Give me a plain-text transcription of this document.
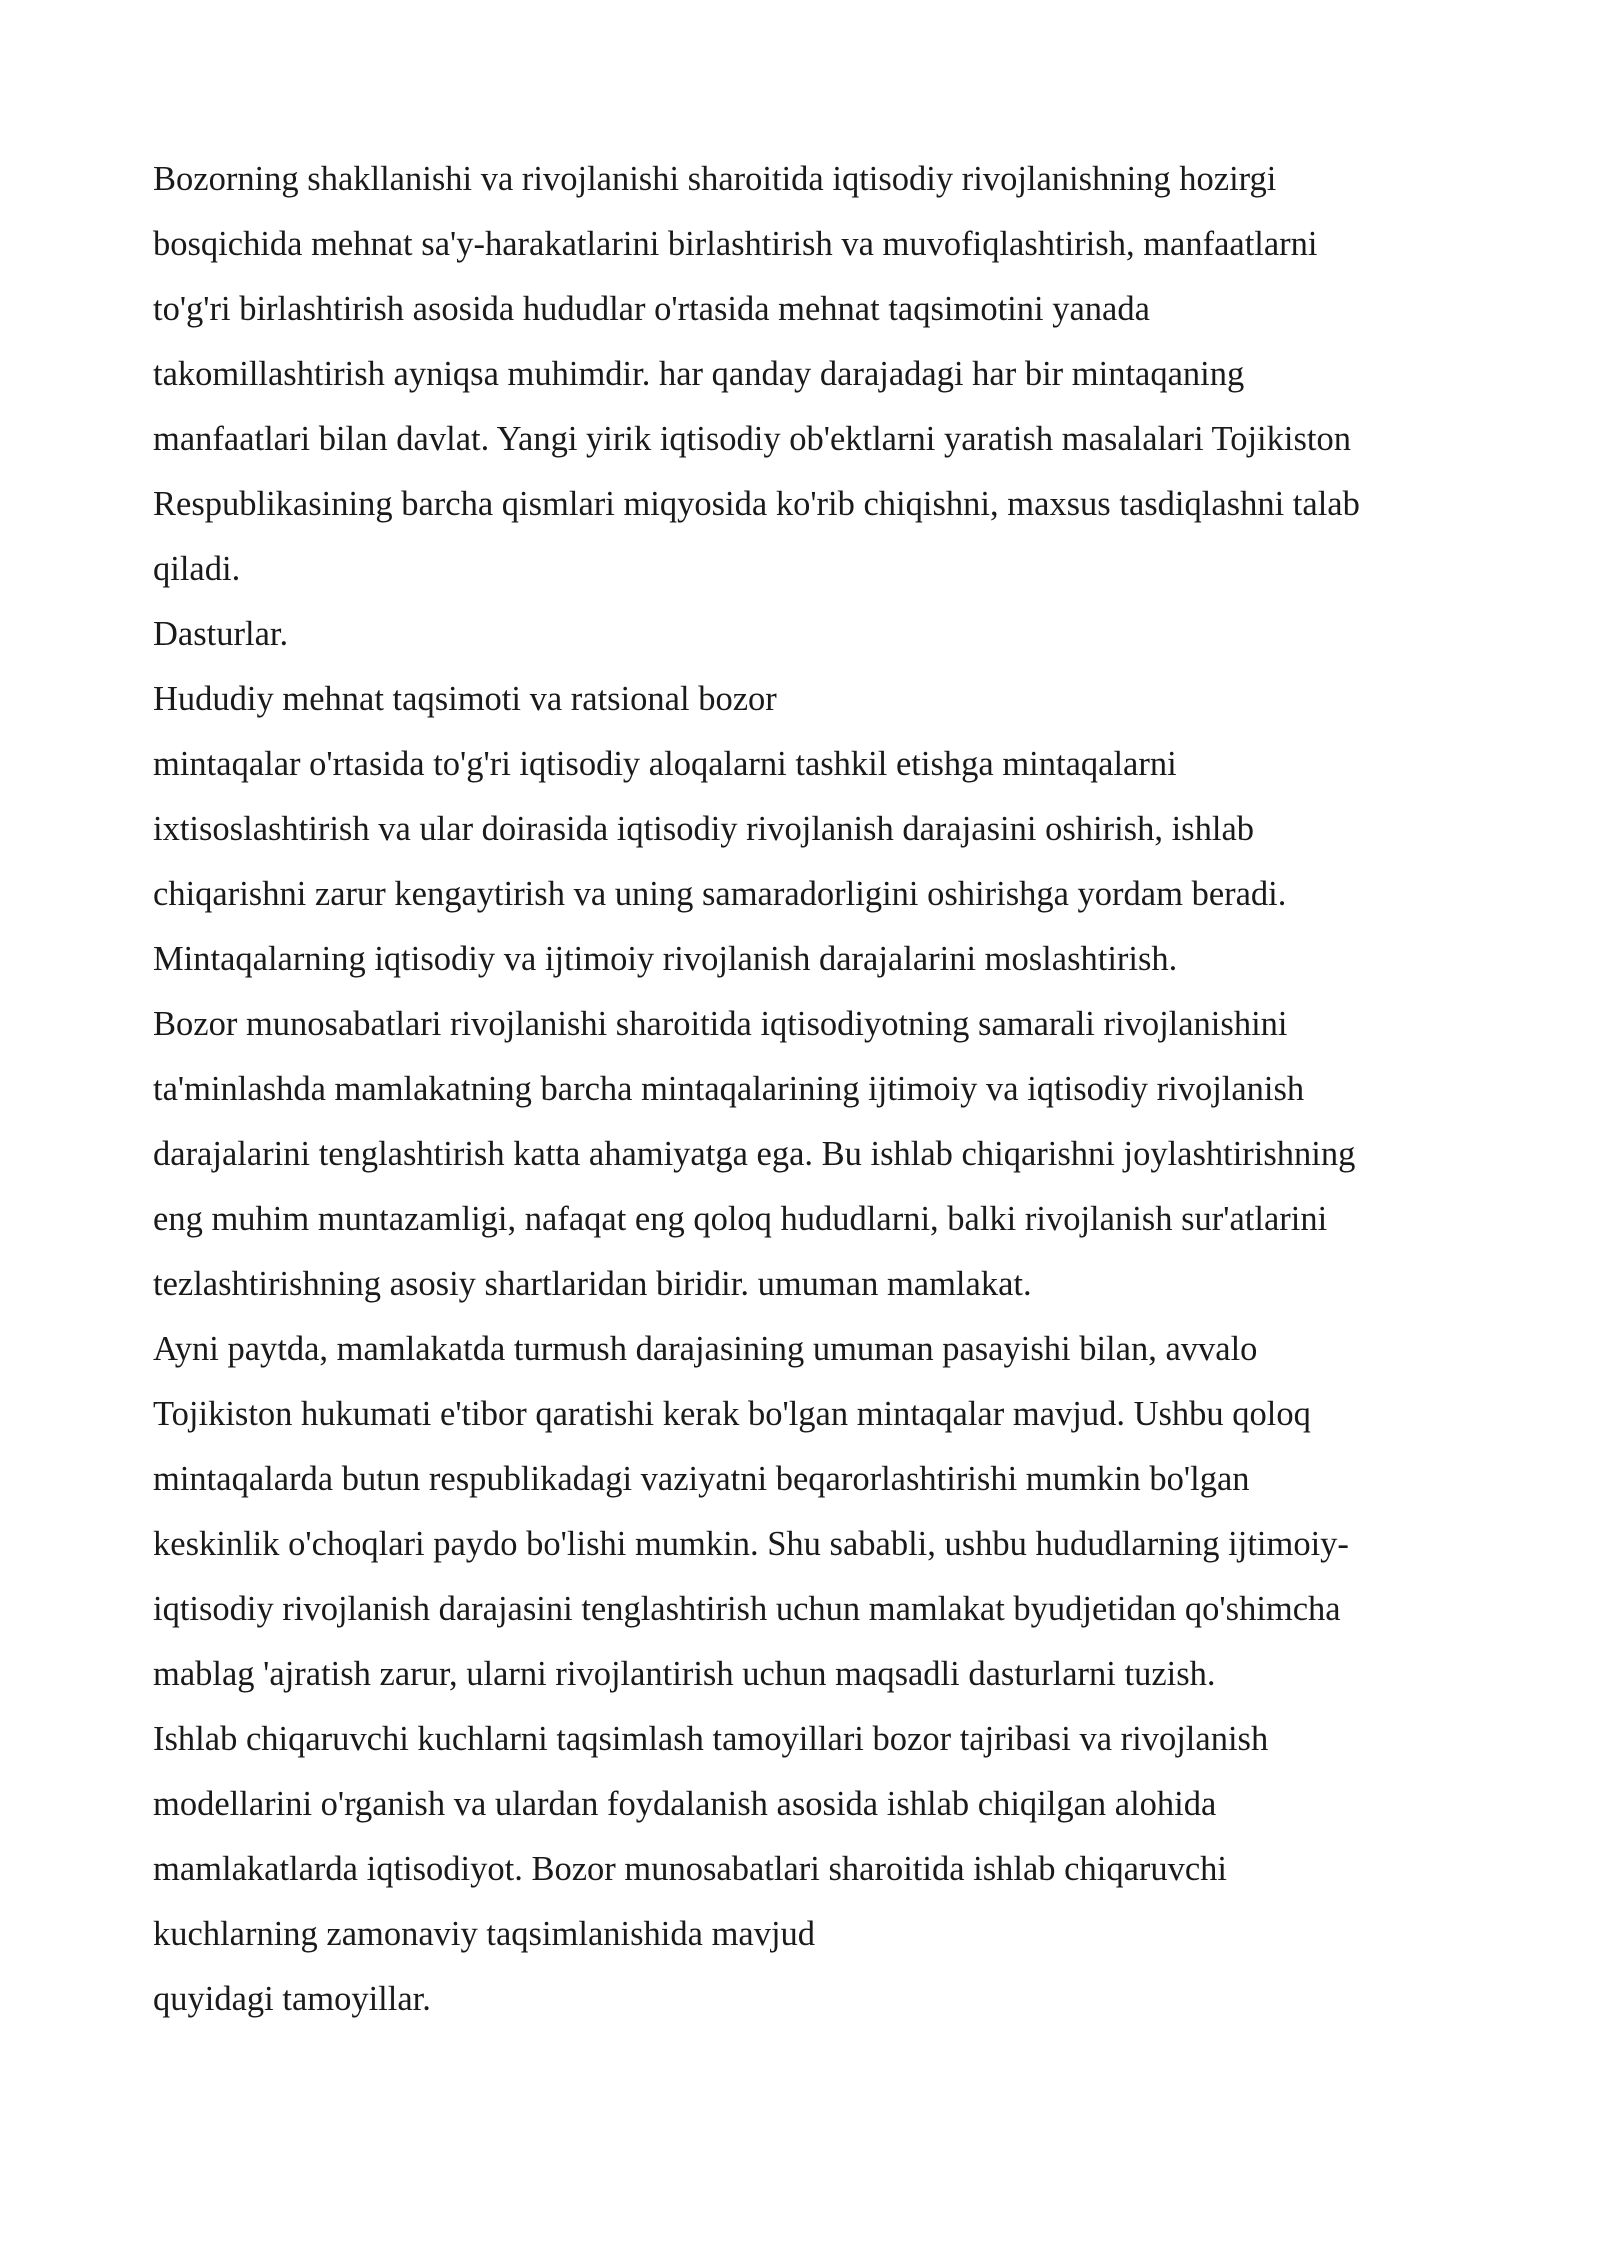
Bozorning shakllanishi va rivojlanishi sharoitida iqtisodiy rivojlanishning hozirgi

bosqichida mehnat sa'y-harakatlarini birlashtirish va muvofiqlashtirish, manfaatlarni

to'g'ri birlashtirish asosida hududlar o'rtasida mehnat taqsimotini yanada

takomillashtirish ayniqsa muhimdir. har qanday darajadagi har bir mintaqaning

manfaatlari bilan davlat. Yangi yirik iqtisodiy ob'ektlarni yaratish masalalari Tojikiston

Respublikasining barcha qismlari miqyosida ko'rib chiqishni, maxsus tasdiqlashni talab

qiladi.

Dasturlar.

Hududiy mehnat taqsimoti va ratsional bozor

mintaqalar o'rtasida to'g'ri iqtisodiy aloqalarni tashkil etishga mintaqalarni

ixtisoslashtirish va ular doirasida iqtisodiy rivojlanish darajasini oshirish, ishlab

chiqarishni zarur kengaytirish va uning samaradorligini oshirishga yordam beradi.

Mintaqalarning iqtisodiy va ijtimoiy rivojlanish darajalarini moslashtirish.

Bozor munosabatlari rivojlanishi sharoitida iqtisodiyotning samarali rivojlanishini

ta'minlashda mamlakatning barcha mintaqalarining ijtimoiy va iqtisodiy rivojlanish

darajalarini tenglashtirish katta ahamiyatga ega. Bu ishlab chiqarishni joylashtirishning

eng muhim muntazamligi, nafaqat eng qoloq hududlarni, balki rivojlanish sur'atlarini

tezlashtirishning asosiy shartlaridan biridir. umuman mamlakat.

Ayni paytda, mamlakatda turmush darajasining umuman pasayishi bilan, avvalo

Tojikiston hukumati e'tibor qaratishi kerak bo'lgan mintaqalar mavjud. Ushbu qoloq

mintaqalarda butun respublikadagi vaziyatni beqarorlashtirishi mumkin bo'lgan

keskinlik o'choqlari paydo bo'lishi mumkin. Shu sababli, ushbu hududlarning ijtimoiy-

iqtisodiy rivojlanish darajasini tenglashtirish uchun mamlakat byudjetidan qo'shimcha

mablag 'ajratish zarur, ularni rivojlantirish uchun maqsadli dasturlarni tuzish.

Ishlab chiqaruvchi kuchlarni taqsimlash tamoyillari bozor tajribasi va rivojlanish

modellarini o'rganish va ulardan foydalanish asosida ishlab chiqilgan alohida

mamlakatlarda iqtisodiyot. Bozor munosabatlari sharoitida ishlab chiqaruvchi

kuchlarning zamonaviy taqsimlanishida mavjud

quyidagi tamoyillar.
